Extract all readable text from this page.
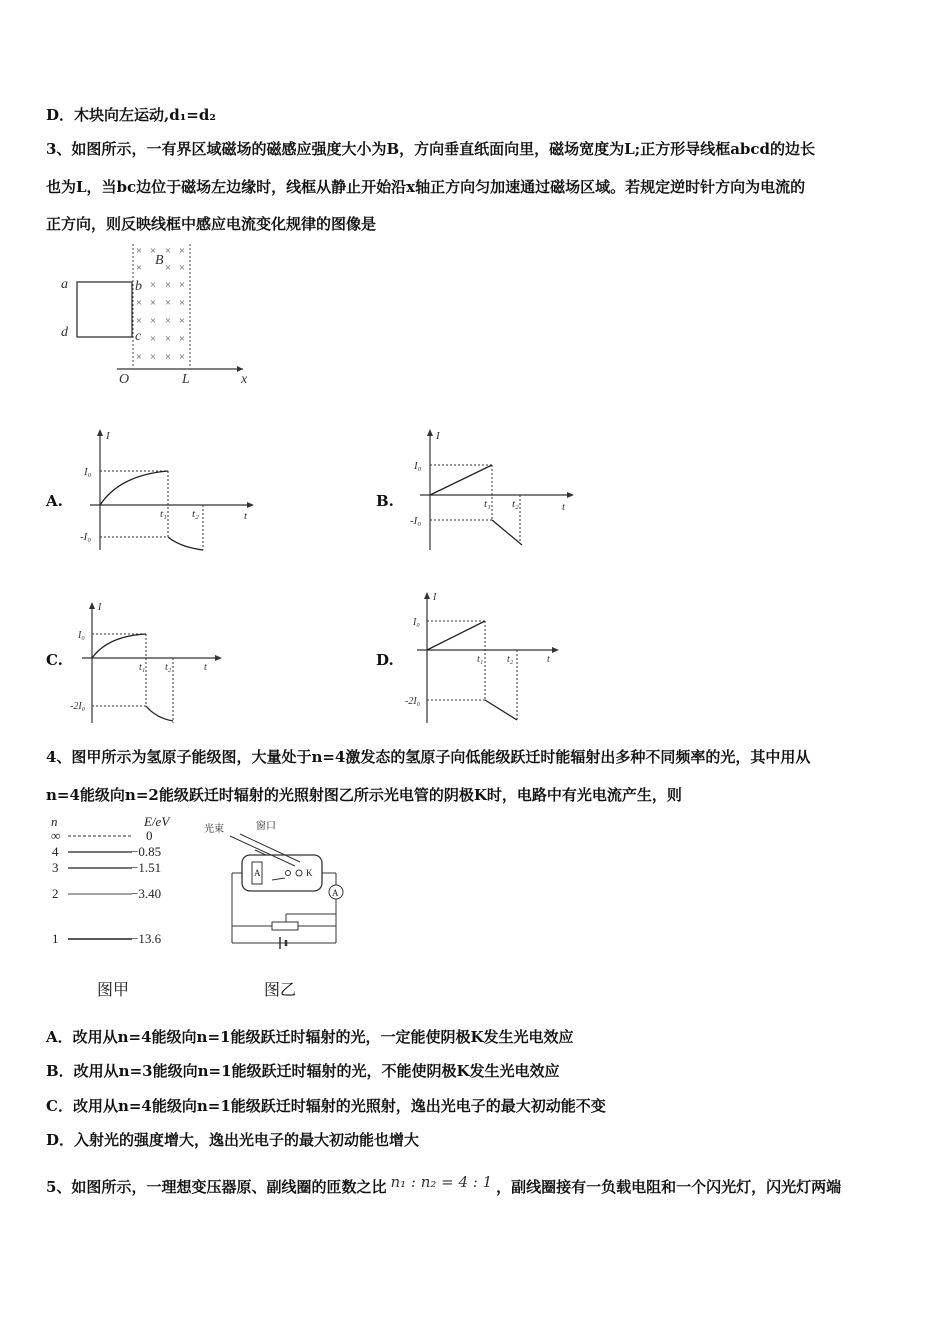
D．木块向左运动,d₁=d₂
3、如图所示，一有界区域磁场的磁感应强度大小为B，方向垂直纸面向里，磁场宽度为L;正方形导线框abcd的边长
也为L，当bc边位于磁场左边缘时，线框从静止开始沿x轴正方向匀加速通过磁场区域。若规定逆时针方向为电流的
正方向，则反映线框中感应电流变化规律的图像是
× × × ×
× × ×
× × ×
× × × ×
× × × ×
× × ×
× × × ×
a	b
c
d
B
O	L	x
A.	B.
C.	D.
I
t
I₀
-I₀
t₁ t₂
I
t
I₀
-I₀
t₁ t₂
I
t
I₀
-2I₀
t₁ t₂
I
t
I₀
-2I₀
t₁ t₂
4、图甲所示为氢原子能级图，大量处于n=4激发态的氢原子向低能级跃迁时能辐射出多种不同频率的光，其中用从
n=4能级向n=2能级跃迁时辐射的光照射图乙所示光电管的阴极K时，电路中有光电流产生，则
n	E/eV
∞	0
4	−0.85
3	−1.51
2	−3.40
1	−13.6
图甲
光束	窗口
A	K
A
图乙
A．改用从n=4能级向n=1能级跃迁时辐射的光，一定能使阴极K发生光电效应
B．改用从n=3能级向n=1能级跃迁时辐射的光，不能使阴极K发生光电效应
C．改用从n=4能级向n=1能级跃迁时辐射的光照射，逸出光电子的最大初动能不变
D．入射光的强度增大，逸出光电子的最大初动能也增大
5、如图所示，一理想变压器原、副线圈的匝数之比 n₁ : n₂ = 4 : 1 ，副线圈接有一负载电阻和一个闪光灯，闪光灯两端
